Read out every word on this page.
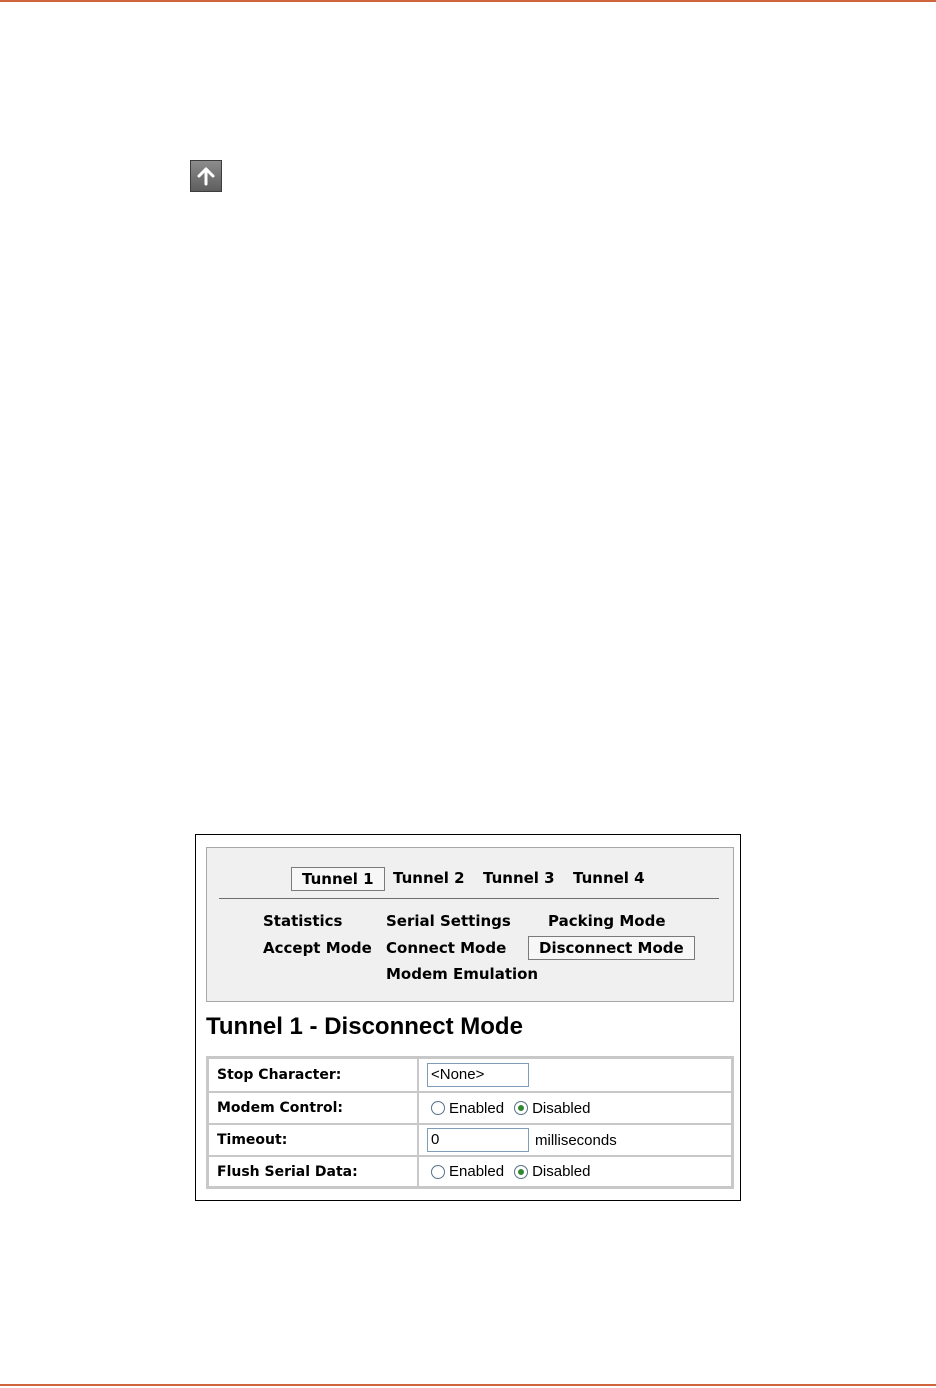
Tunnel 1	Tunnel 2	Tunnel 3	Tunnel 4
Statistics	Serial Settings	Packing Mode
Accept Mode Connect Mode	Disconnect Mode
Modem Emulation
Tunnel 1 - Disconnect Mode
Stop Character:	<None>
Modem Control:	Enabled Disabled
Timeout:	0	milliseconds
Flush Serial Data:	Enabled Disabled
